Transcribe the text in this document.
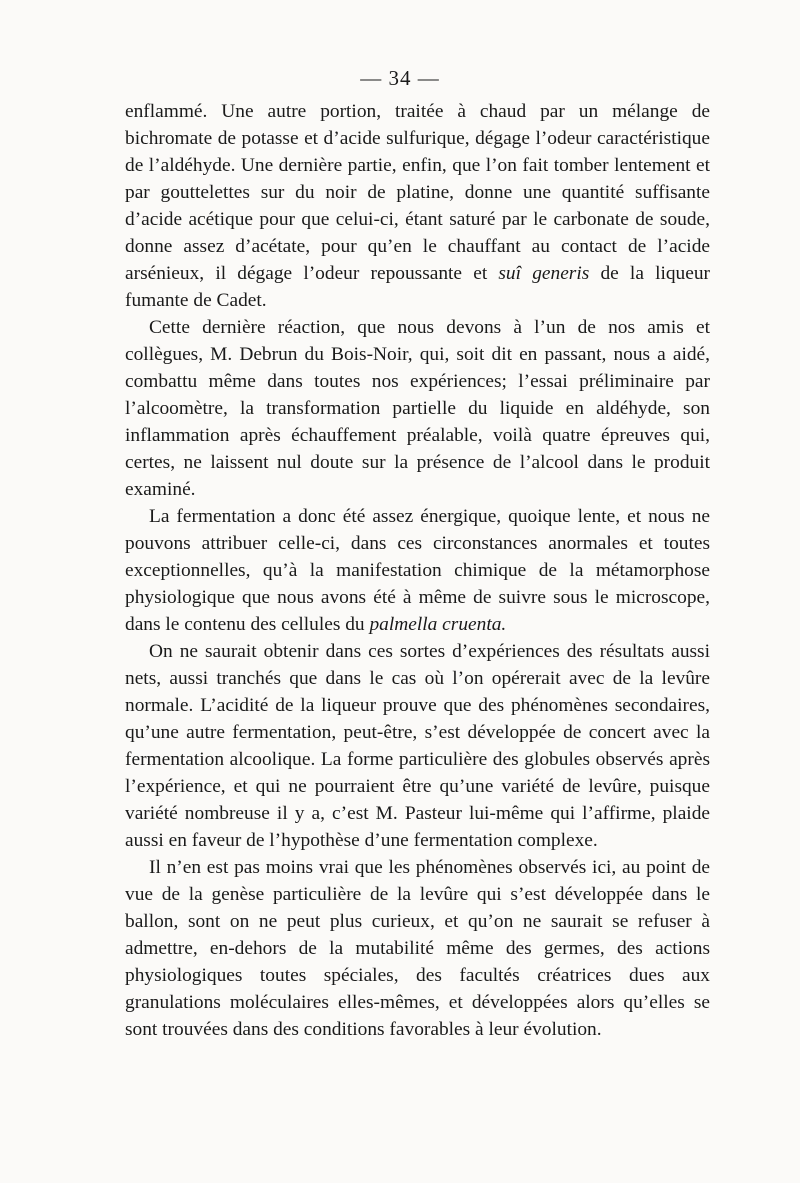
— 34 —

enflammé. Une autre portion, traitée à chaud par un mélange de bichromate de potasse et d’acide sulfurique, dégage l’odeur caractéristique de l’aldéhyde. Une dernière partie, enfin, que l’on fait tomber lentement et par gouttelettes sur du noir de platine, donne une quantité suffisante d’acide acétique pour que celui-ci, étant saturé par le carbonate de soude, donne assez d’acétate, pour qu’en le chauffant au contact de l’acide arsénieux, il dégage l’odeur repoussante et suî generis de la liqueur fumante de Cadet.

Cette dernière réaction, que nous devons à l’un de nos amis et collègues, M. Debrun du Bois-Noir, qui, soit dit en passant, nous a aidé, combattu même dans toutes nos expériences; l’essai préliminaire par l’alcoomètre, la transformation partielle du liquide en aldéhyde, son inflammation après échauffement préalable, voilà quatre épreuves qui, certes, ne laissent nul doute sur la présence de l’alcool dans le produit examiné.

La fermentation a donc été assez énergique, quoique lente, et nous ne pouvons attribuer celle-ci, dans ces circonstances anormales et toutes exceptionnelles, qu’à la manifestation chimique de la métamorphose physiologique que nous avons été à même de suivre sous le microscope, dans le contenu des cellules du palmella cruenta.

On ne saurait obtenir dans ces sortes d’expériences des résultats aussi nets, aussi tranchés que dans le cas où l’on opérerait avec de la levûre normale. L’acidité de la liqueur prouve que des phénomènes secondaires, qu’une autre fermentation, peut-être, s’est développée de concert avec la fermentation alcoolique. La forme particulière des globules observés après l’expérience, et qui ne pourraient être qu’une variété de levûre, puisque variété nombreuse il y a, c’est M. Pasteur lui-même qui l’affirme, plaide aussi en faveur de l’hypothèse d’une fermentation complexe.

Il n’en est pas moins vrai que les phénomènes observés ici, au point de vue de la genèse particulière de la levûre qui s’est développée dans le ballon, sont on ne peut plus curieux, et qu’on ne saurait se refuser à admettre, en-dehors de la mutabilité même des germes, des actions physiologiques toutes spéciales, des facultés créatrices dues aux granulations moléculaires elles-mêmes, et développées alors qu’elles se sont trouvées dans des conditions favorables à leur évolution.
